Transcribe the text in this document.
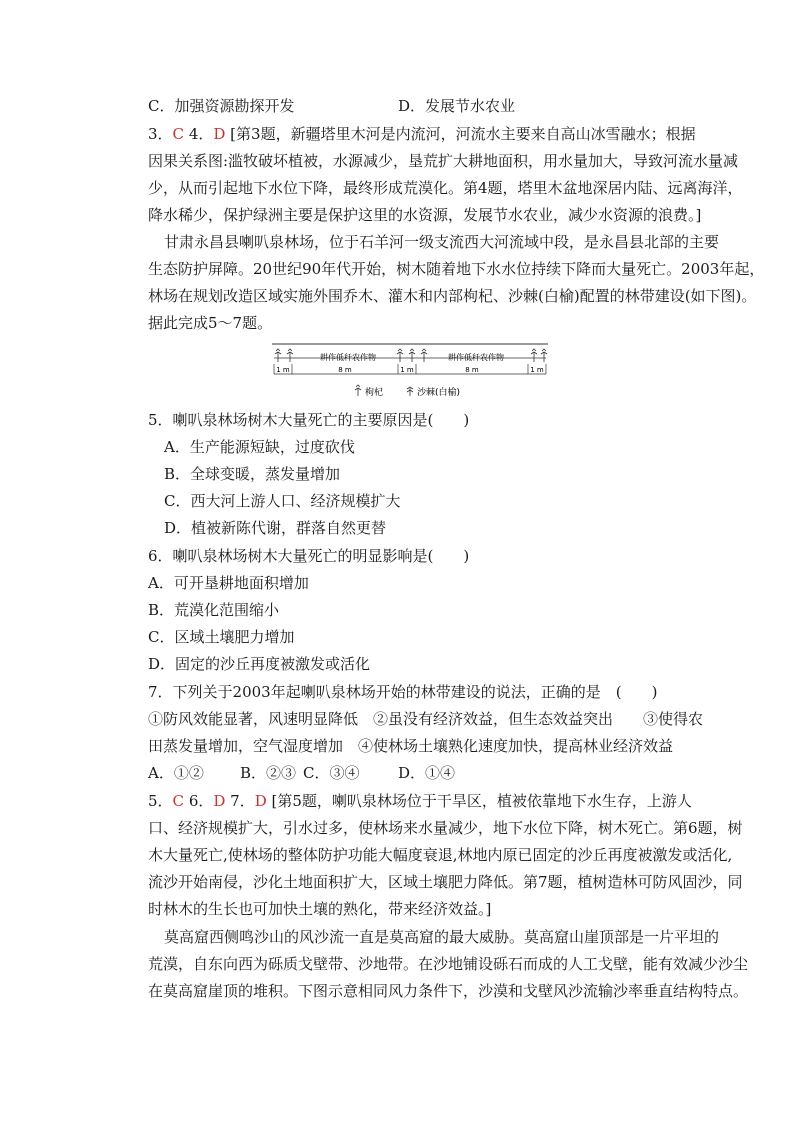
C．加强资源勘探开发	D．发展节水农业
3．C 4．D [第3题，新疆塔里木河是内流河，河流水主要来自高山冰雪融水；根据
因果关系图:滥牧破坏植被，水源减少，垦荒扩大耕地面积，用水量加大，导致河流水量减
少，从而引起地下水位下降，最终形成荒漠化。第4题，塔里木盆地深居内陆、远离海洋，
降水稀少，保护绿洲主要是保护这里的水资源，发展节水农业，减少水资源的浪费。]
甘肃永昌县喇叭泉林场，位于石羊河一级支流西大河流域中段，是永昌县北部的主要
生态防护屏障。20世纪90年代开始，树木随着地下水水位持续下降而大量死亡。2003年起，
林场在规划改造区域实施外围乔木、灌木和内部枸杞、沙棘(白榆)配置的林带建设(如下图)。
据此完成5～7题。
耕作低秆农作物	耕作低秆农作物
1 m	8 m	1 m	8 m	1 m
枸杞	沙棘(白榆)
5．喇叭泉林场树木大量死亡的主要原因是(　　)
A．生产能源短缺，过度砍伐
B．全球变暖，蒸发量增加
C．西大河上游人口、经济规模扩大
D．植被新陈代谢，群落自然更替
6．喇叭泉林场树木大量死亡的明显影响是(　　)
A．可开垦耕地面积增加
B．荒漠化范围缩小
C．区域土壤肥力增加
D．固定的沙丘再度被激发或活化
7．下列关于2003年起喇叭泉林场开始的林带建设的说法，正确的是　(　　)
①防风效能显著，风速明显降低　②虽没有经济效益，但生态效益突出　　③使得农
田蒸发量增加，空气湿度增加　④使林场土壤熟化速度加快，提高林业经济效益
A．①② B．②③ C．③④	D．①④
5．C 6．D 7．D [第5题，喇叭泉林场位于干旱区，植被依靠地下水生存，上游人
口、经济规模扩大，引水过多，使林场来水量减少，地下水位下降，树木死亡。第6题，树
木大量死亡,使林场的整体防护功能大幅度衰退,林地内原已固定的沙丘再度被激发或活化,
流沙开始南侵，沙化土地面积扩大，区域土壤肥力降低。第7题，植树造林可防风固沙，同
时林木的生长也可加快土壤的熟化，带来经济效益。]
莫高窟西侧鸣沙山的风沙流一直是莫高窟的最大威胁。莫高窟山崖顶部是一片平坦的
荒漠，自东向西为砾质戈壁带、沙地带。在沙地铺设砾石而成的人工戈壁，能有效减少沙尘
在莫高窟崖顶的堆积。下图示意相同风力条件下，沙漠和戈壁风沙流输沙率垂直结构特点。
